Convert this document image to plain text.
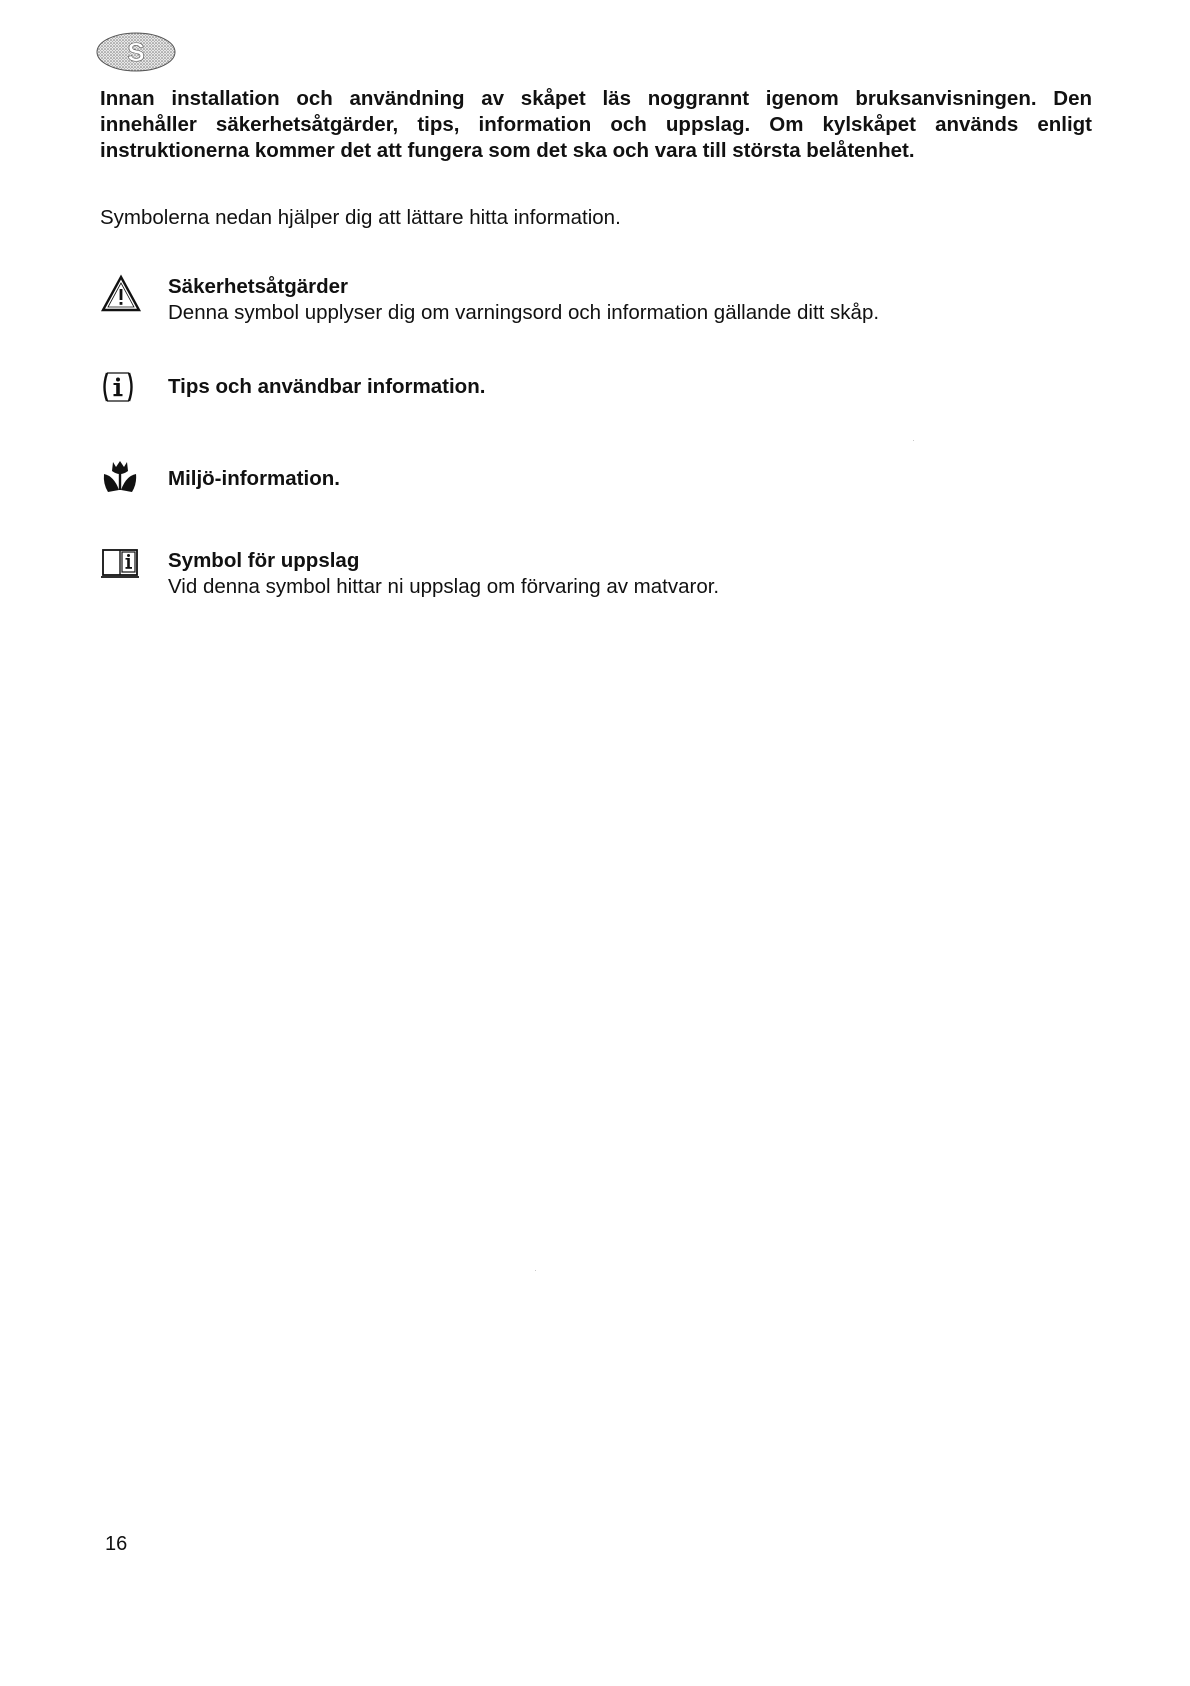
S
Innan installation och användning av skåpet läs noggrannt igenom bruksanvisningen. Den
innehåller säkerhetsåtgärder, tips, information och uppslag. Om kylskåpet används enligt
instruktionerna kommer det att fungera som det ska och vara till största belåtenhet.

Symbolerna nedan hjälper dig att lättare hitta information.

Säkerhetsåtgärder
Denna symbol upplyser dig om varningsord och information gällande ditt skåp.
Tips och användbar information.
Miljö-information.
Symbol för uppslag
Vid denna symbol hittar ni uppslag om förvaring av matvaror.
16
